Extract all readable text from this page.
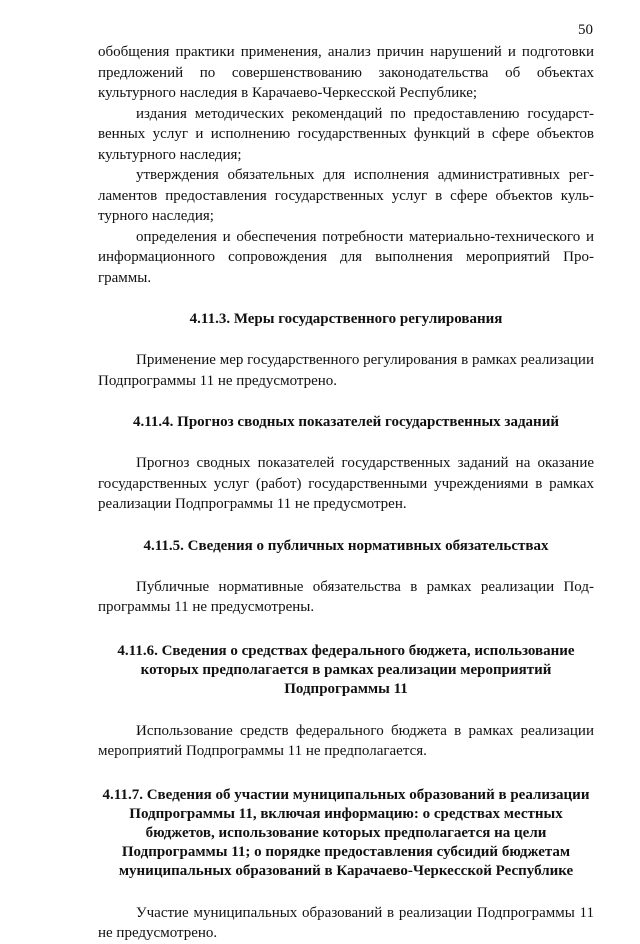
50

обобщения практики применения, анализ причин нарушений и подготовки предложений по совершенствованию законодательства об объектах культурного наследия в Карачаево-Черкесской Республике;

издания методических рекомендаций по предоставлению государственных услуг и исполнению государственных функций в сфере объектов культурного наследия;

утверждения обязательных для исполнения административных регламентов предоставления государственных услуг в сфере объектов культурного наследия;

определения и обеспечения потребности материально-технического и информационного сопровождения для выполнения мероприятий Программы.

4.11.3. Меры государственного регулирования

Применение мер государственного регулирования в рамках реализации Подпрограммы 11 не предусмотрено.

4.11.4. Прогноз сводных показателей государственных заданий

Прогноз сводных показателей государственных заданий на оказание государственных услуг (работ) государственными учреждениями в рамках реализации Подпрограммы 11 не предусмотрен.

4.11.5. Сведения о публичных нормативных обязательствах

Публичные нормативные обязательства в рамках реализации Подпрограммы 11 не предусмотрены.

4.11.6. Сведения о средствах федерального бюджета, использование которых предполагается в рамках реализации мероприятий Подпрограммы 11

Использование средств федерального бюджета в рамках реализации мероприятий Подпрограммы 11 не предполагается.

4.11.7. Сведения об участии муниципальных образований в реализации Подпрограммы 11, включая информацию: о средствах местных бюджетов, использование которых предполагается на цели Подпрограммы 11; о порядке предоставления субсидий бюджетам муниципальных образований в Карачаево-Черкесской Республике

Участие муниципальных образований в реализации Подпрограммы 11 не предусмотрено.
